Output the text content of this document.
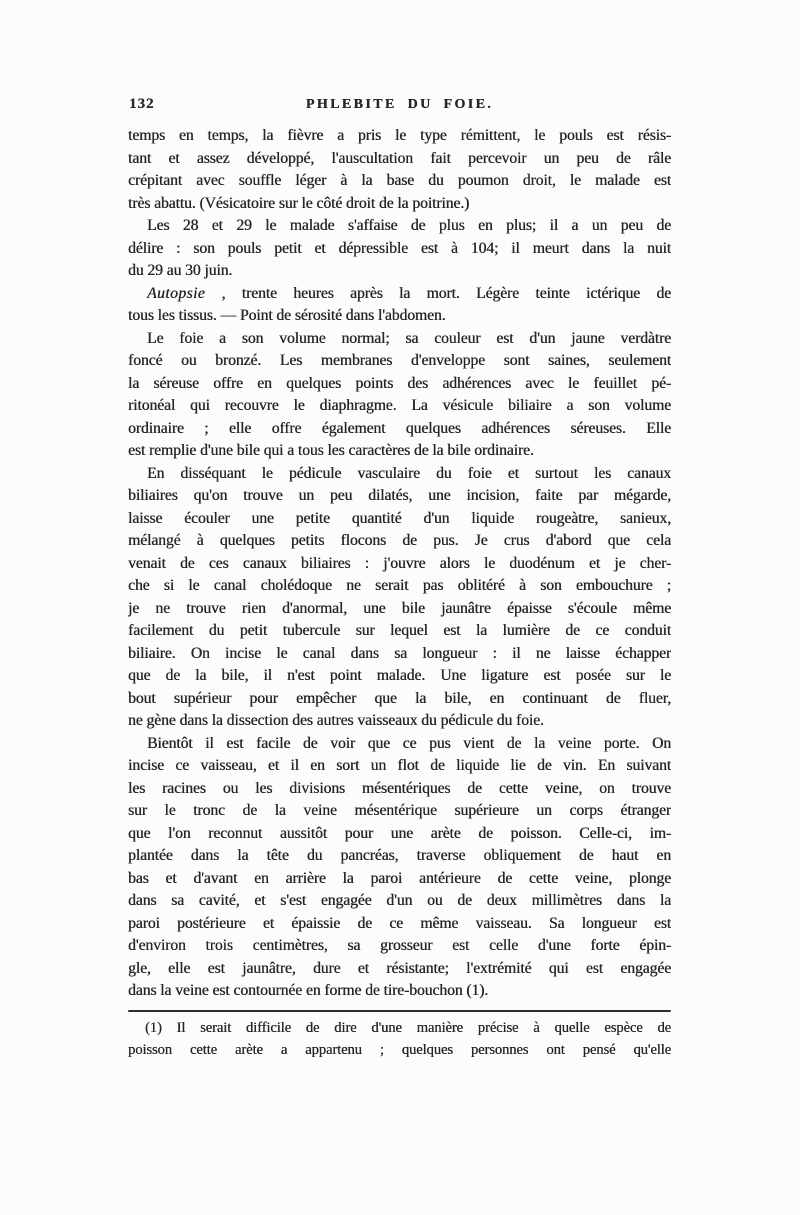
132	PHLEBITE DU FOIE.
temps en temps, la fièvre a pris le type rémittent, le pouls est résis-
tant et assez développé, l'auscultation fait percevoir un peu de râle
crépitant avec souffle léger à la base du poumon droit, le malade est
très abattu. (Vésicatoire sur le côté droit de la poitrine.)
Les 28 et 29 le malade s'affaise de plus en plus; il a un peu de
délire : son pouls petit et dépressible est à 104; il meurt dans la nuit
du 29 au 30 juin.
Autopsie , trente heures après la mort. Légère teinte ictérique de
tous les tissus. — Point de sérosité dans l'abdomen.
Le foie a son volume normal; sa couleur est d'un jaune verdàtre
foncé ou bronzé. Les membranes d'enveloppe sont saines, seulement
la séreuse offre en quelques points des adhérences avec le feuillet pé-
ritonéal qui recouvre le diaphragme. La vésicule biliaire a son volume
ordinaire ; elle offre également quelques adhérences séreuses. Elle
est remplie d'une bile qui a tous les caractères de la bile ordinaire.
En disséquant le pédicule vasculaire du foie et surtout les canaux
biliaires qu'on trouve un peu dilatés, une incision, faite par mégarde,
laisse écouler une petite quantité d'un liquide rougeàtre, sanieux,
mélangé à quelques petits flocons de pus. Je crus d'abord que cela
venait de ces canaux biliaires : j'ouvre alors le duodénum et je cher-
che si le canal cholédoque ne serait pas oblitéré à son embouchure ;
je ne trouve rien d'anormal, une bile jaunâtre épaisse s'écoule même
facilement du petit tubercule sur lequel est la lumière de ce conduit
biliaire. On incise le canal dans sa longueur : il ne laisse échapper
que de la bile, il n'est point malade. Une ligature est posée sur le
bout supérieur pour empêcher que la bile, en continuant de fluer,
ne gène dans la dissection des autres vaisseaux du pédicule du foie.
Bientôt il est facile de voir que ce pus vient de la veine porte. On
incise ce vaisseau, et il en sort un flot de liquide lie de vin. En suivant
les racines ou les divisions mésentériques de cette veine, on trouve
sur le tronc de la veine mésentérique supérieure un corps étranger
que l'on reconnut aussitôt pour une arète de poisson. Celle-ci, im-
plantée dans la tête du pancréas, traverse obliquement de haut en
bas et d'avant en arrière la paroi antérieure de cette veine, plonge
dans sa cavité, et s'est engagée d'un ou de deux millimètres dans la
paroi postérieure et épaissie de ce même vaisseau. Sa longueur est
d'environ trois centimètres, sa grosseur est celle d'une forte épin-
gle, elle est jaunâtre, dure et résistante; l'extrémité qui est engagée
dans la veine est contournée en forme de tire-bouchon (1).
(1) Il serait difficile de dire d'une manière précise à quelle espèce de
poisson cette arète a appartenu ; quelques personnes ont pensé qu'elle
